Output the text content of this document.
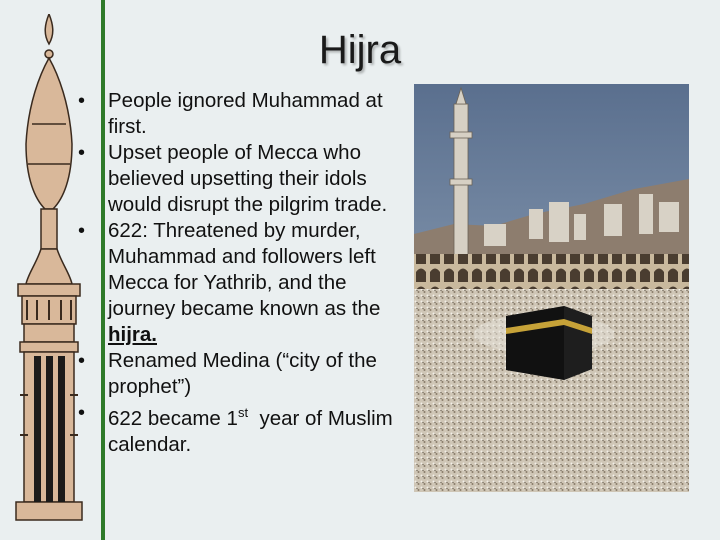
Hijra
• People ignored Muhammad at first.
• Upset people of Mecca who believed upsetting their idols would disrupt the pilgrim trade.
• 622: Threatened by murder, Muhammad and followers left Mecca for Yathrib, and the journey became known as the hijra.
• Renamed Medina (“city of the prophet”)
• 622 became 1st  year of Muslim calendar.
